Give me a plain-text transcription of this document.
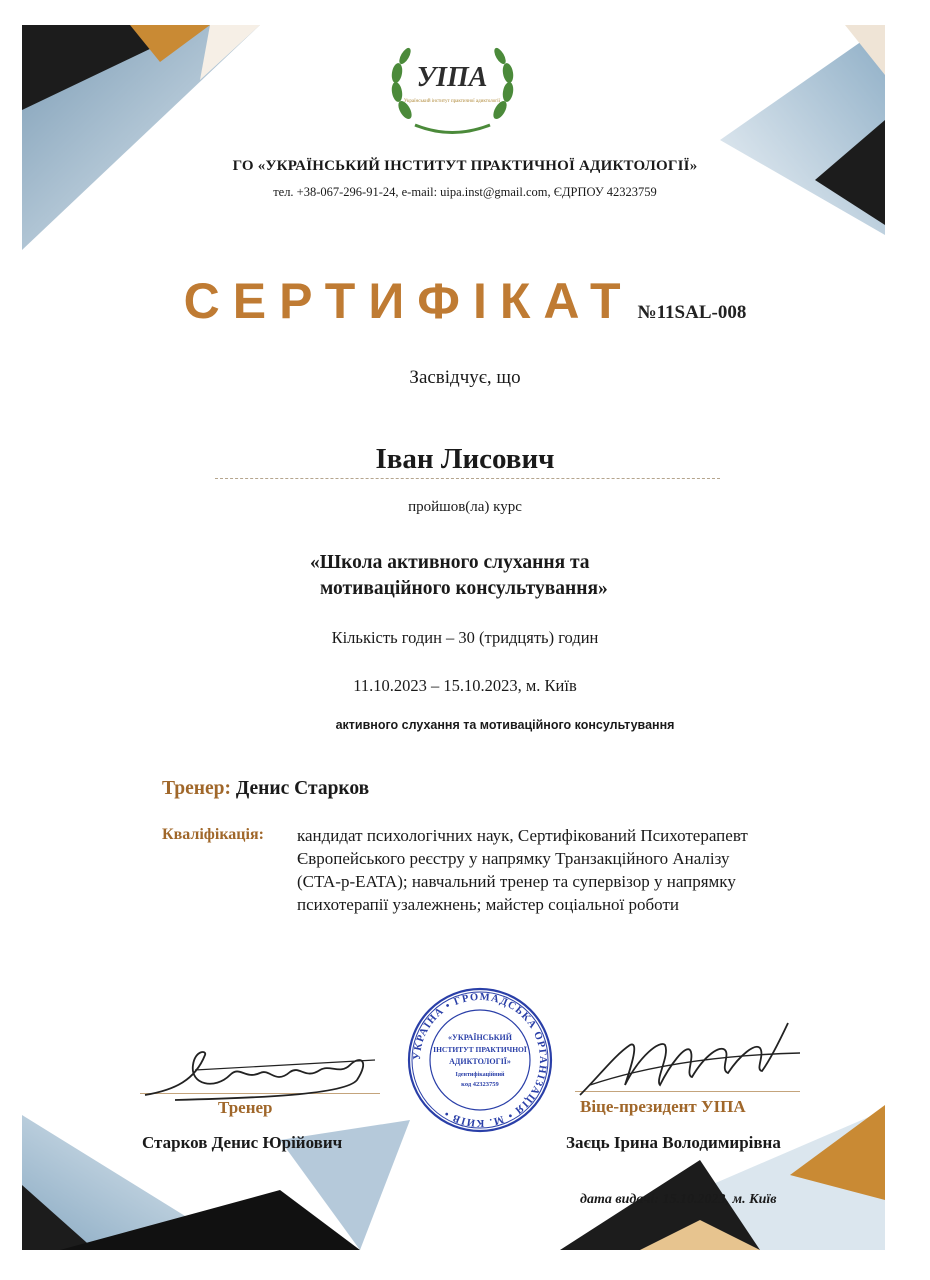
УІПА
Український інститут практичної адиктології
ГО «УКРАЇНСЬКИЙ ІНСТИТУТ ПРАКТИЧНОЇ АДИКТОЛОГІЇ»
тел. +38-067-296-91-24, e-mail: uipa.inst@gmail.com, ЄДРПОУ 42323759
СЕРТИФІКАТ №11SAL-008
Засвідчує, що
Іван Лисович
пройшов(ла) курс
«Школа активного слухання та
мотиваційного консультування»
Кількість годин – 30 (тридцять) годин
11.10.2023 – 15.10.2023, м. Київ
активного слухання та мотиваційного консультування
Тренер: Денис Старков
Кваліфікація: кандидат психологічних наук, Сертифікований Психотерапевт
Європейського реєстру у напрямку Транзакційного Аналізу
(CTA-p-EATA); навчальний тренер та супервізор у напрямку
психотерапії узалежнень; майстер соціальної роботи
УКРАЇНА • ГРОМАДСЬКА ОРГАНІЗАЦІЯ • М. КИЇВ •
«УКРАЇНСЬКИЙ
ІНСТИТУТ ПРАКТИЧНОЇ
АДИКТОЛОГІЇ»
Ідентифікаційний
код 42323759
Тренер
Старков Денис Юрійович
Віце-президент УІПА
Заєць Ірина Володимирівна
дата видачі: 15.10.2023, м. Київ
